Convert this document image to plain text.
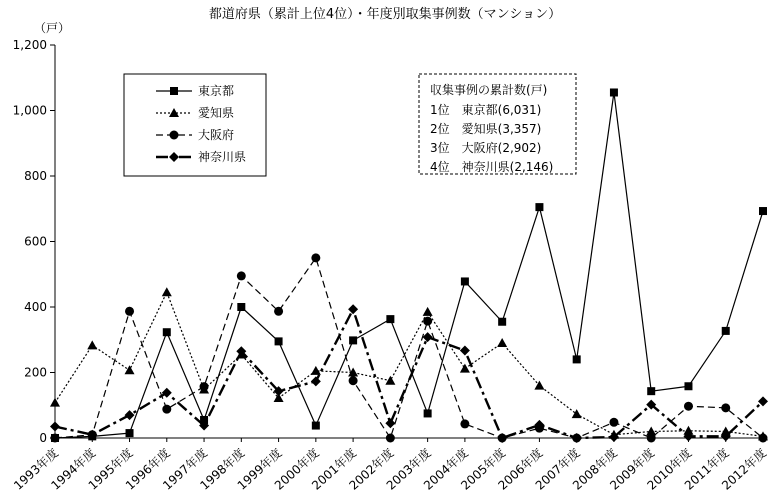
都道府県（累計上位4位）・年度別取集事例数（マンション）
（戸）
0
200
400
600
800
1,000
1,200
1993年度
1994年度
1995年度
1996年度
1997年度
1998年度
1999年度
2000年度
2001年度
2002年度
2003年度
2004年度
2005年度
2006年度
2007年度
2008年度
2009年度
2010年度
2011年度
2012年度
東京都
愛知県
大阪府
神奈川県
収集事例の累計数(戸)
1位　東京都(6,031)
2位　愛知県(3,357)
3位　大阪府(2,902)
4位　神奈川県(2,146)
